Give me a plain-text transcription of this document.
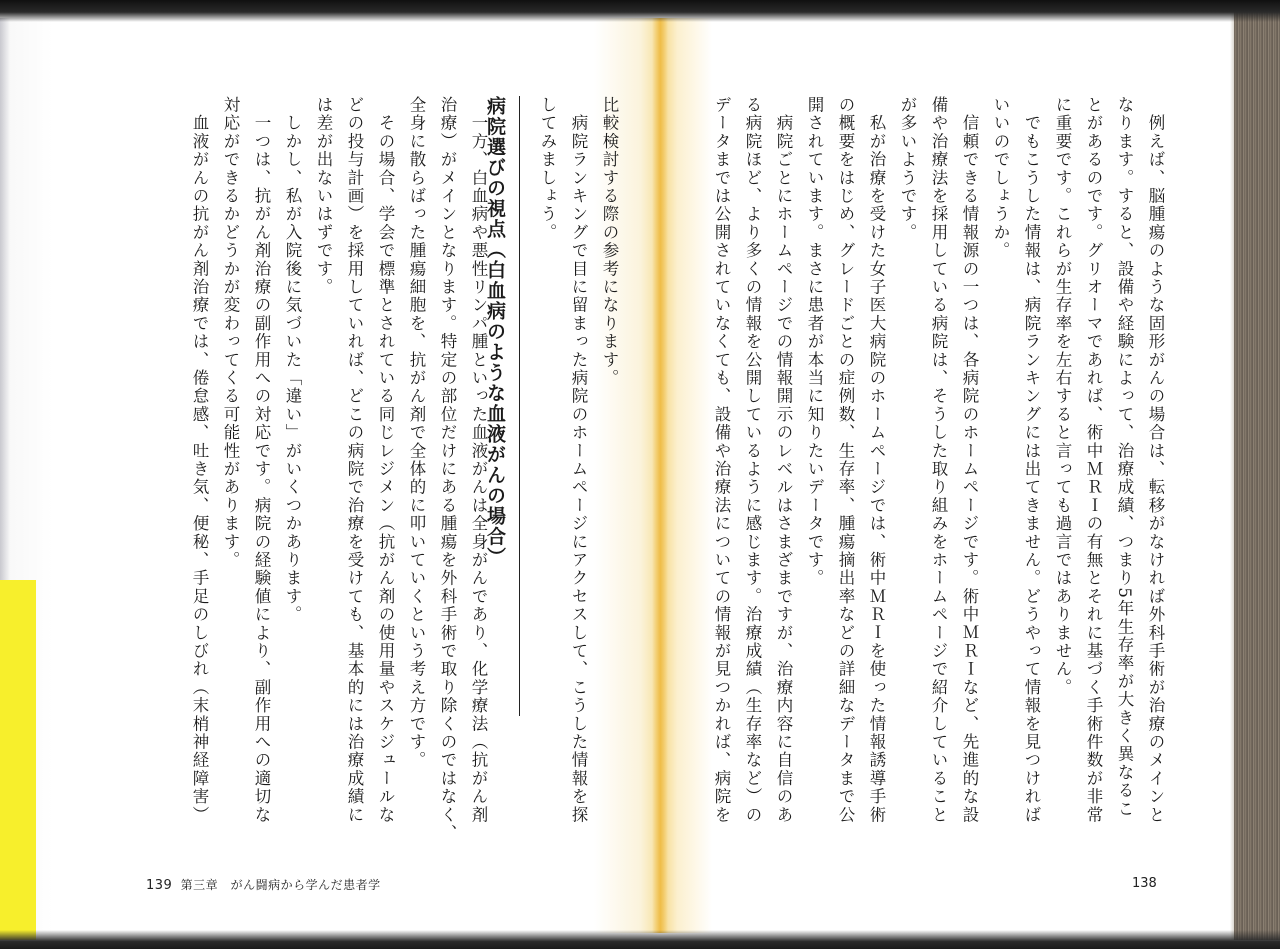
　例えば、脳腫瘍のような固形がんの場合は、転移がなければ外科手術が治療のメインと
なります。すると、設備や経験によって、治療成績、つまり5年生存率が大きく異なるこ
とがあるのです。グリオーマであれば、術中ＭＲＩの有無とそれに基づく手術件数が非常
に重要です。これらが生存率を左右すると言っても過言ではありません。
　でもこうした情報は、病院ランキングには出てきません。どうやって情報を見つければ
いいのでしょうか。
　信頼できる情報源の一つは、各病院のホームページです。術中ＭＲＩなど、先進的な設
備や治療法を採用している病院は、そうした取り組みをホームページで紹介していること
が多いようです。
　私が治療を受けた女子医大病院のホームページでは、術中ＭＲＩを使った情報誘導手術
の概要をはじめ、グレードごとの症例数、生存率、腫瘍摘出率などの詳細なデータまで公
開されています。まさに患者が本当に知りたいデータです。
　病院ごとにホームページでの情報開示のレベルはさまざまですが、治療内容に自信のあ
る病院ほど、より多くの情報を公開しているように感じます。治療成績（生存率など）の
データまでは公開されていなくても、設備や治療法についての情報が見つかれば、病院を
比較検討する際の参考になります。
　病院ランキングで目に留まった病院のホームページにアクセスして、こうした情報を探
してみましょう。
病院選びの視点（白血病のような血液がんの場合）
　一方、白血病や悪性リンパ腫といった血液がんは全身がんであり、化学療法（抗がん剤
治療）がメインとなります。特定の部位だけにある腫瘍を外科手術で取り除くのではなく、
全身に散らばった腫瘍細胞を、抗がん剤で全体的に叩いていくという考え方です。
　その場合、学会で標準とされている同じレジメン（抗がん剤の使用量やスケジュールな
どの投与計画）を採用していれば、どこの病院で治療を受けても、基本的には治療成績に
は差が出ないはずです。
　しかし、私が入院後に気づいた「違い」がいくつかあります。
　一つは、抗がん剤治療の副作用への対応です。病院の経験値により、副作用への適切な
対応ができるかどうかが変わってくる可能性があります。
　血液がんの抗がん剤治療では、倦怠感、吐き気、便秘、手足のしびれ（末梢神経障害）
139 第三章　がん闘病から学んだ患者学	138
